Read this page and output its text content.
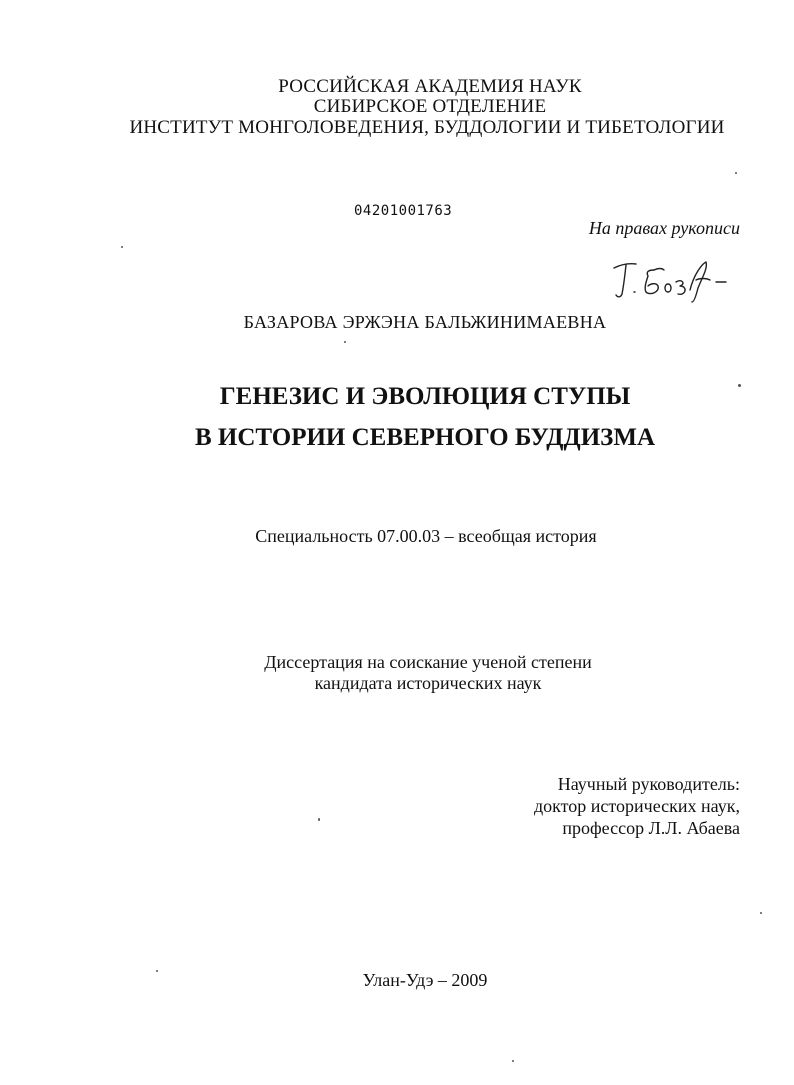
РОССИЙСКАЯ АКАДЕМИЯ НАУК
СИБИРСКОЕ ОТДЕЛЕНИЕ
ИНСТИТУТ МОНГОЛОВЕДЕНИЯ, БУДДОЛОГИИ И ТИБЕТОЛОГИИ
04201001763
На правах рукописи
БАЗАРОВА ЭРЖЭНА БАЛЬЖИНИМАЕВНА
ГЕНЕЗИС И ЭВОЛЮЦИЯ СТУПЫ
В ИСТОРИИ СЕВЕРНОГО БУДДИЗМА
Специальность 07.00.03 – всеобщая история
Диссертация на соискание ученой степени
кандидата исторических наук
Научный руководитель:
доктор исторических наук,
профессор Л.Л. Абаева
Улан-Удэ – 2009
